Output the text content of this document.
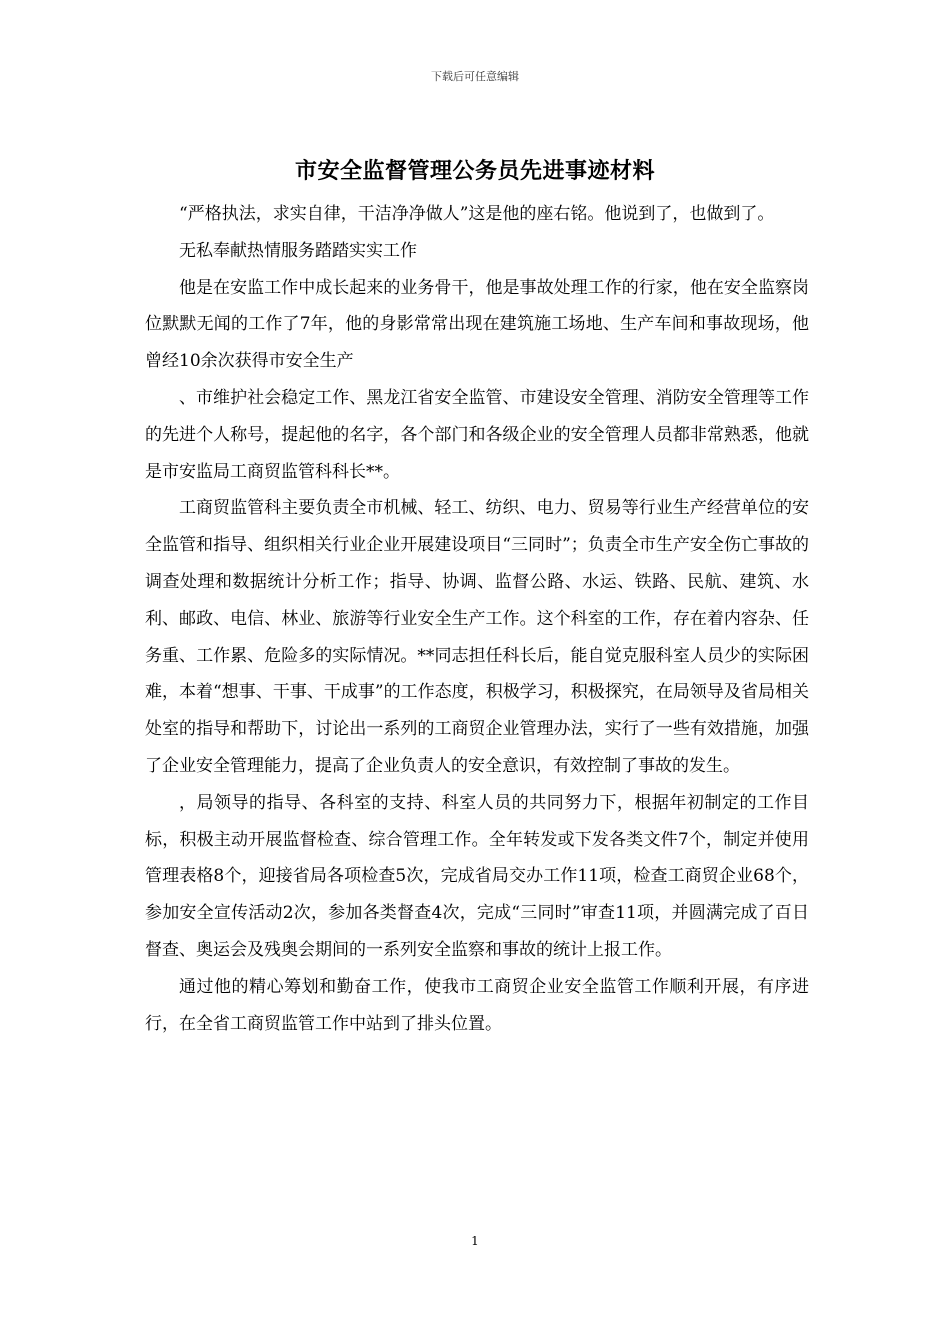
下载后可任意编辑
市安全监督管理公务员先进事迹材料

“严格执法，求实自律，干洁净净做人”这是他的座右铭。他说到了，也做到了。

无私奉献热情服务踏踏实实工作

他是在安监工作中成长起来的业务骨干，他是事故处理工作的行家，他在安全监察岗位默默无闻的工作了7年，他的身影常常出现在建筑施工场地、生产车间和事故现场，他曾经10余次获得市安全生产

、市维护社会稳定工作、黑龙江省安全监管、市建设安全管理、消防安全管理等工作的先进个人称号，提起他的名字，各个部门和各级企业的安全管理人员都非常熟悉，他就是市安监局工商贸监管科科长**。

工商贸监管科主要负责全市机械、轻工、纺织、电力、贸易等行业生产经营单位的安全监管和指导、组织相关行业企业开展建设项目“三同时”；负责全市生产安全伤亡事故的调查处理和数据统计分析工作；指导、协调、监督公路、水运、铁路、民航、建筑、水利、邮政、电信、林业、旅游等行业安全生产工作。这个科室的工作，存在着内容杂、任务重、工作累、危险多的实际情况。**同志担任科长后，能自觉克服科室人员少的实际困难，本着“想事、干事、干成事”的工作态度，积极学习，积极探究，在局领导及省局相关处室的指导和帮助下，讨论出一系列的工商贸企业管理办法，实行了一些有效措施，加强了企业安全管理能力，提高了企业负责人的安全意识，有效控制了事故的发生。

，局领导的指导、各科室的支持、科室人员的共同努力下，根据年初制定的工作目标，积极主动开展监督检查、综合管理工作。全年转发或下发各类文件7个，制定并使用管理表格8个，迎接省局各项检查5次，完成省局交办工作11项，检查工商贸企业68个，参加安全宣传活动2次，参加各类督查4次，完成“三同时”审查11项，并圆满完成了百日督查、奥运会及残奥会期间的一系列安全监察和事故的统计上报工作。

通过他的精心筹划和勤奋工作，使我市工商贸企业安全监管工作顺利开展，有序进行，在全省工商贸监管工作中站到了排头位置。

1
